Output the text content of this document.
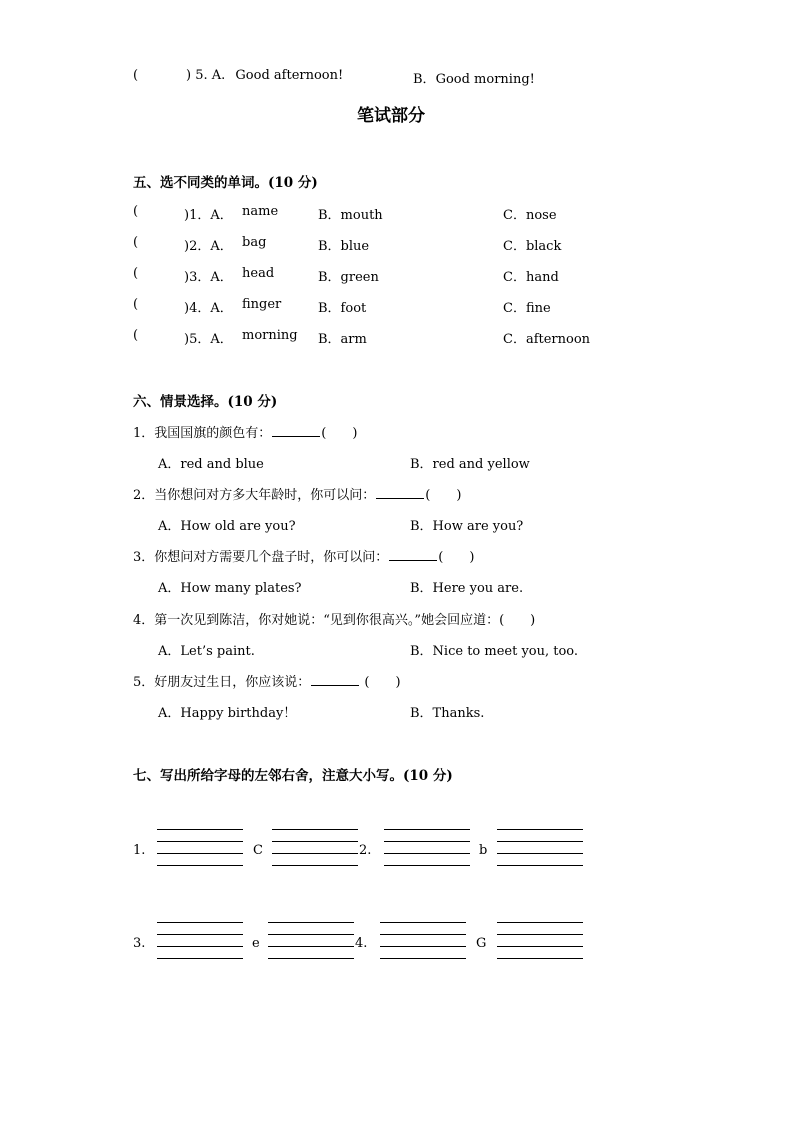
(	) 5. A. Good afternoon!	B．Good morning!
笔试部分
五、选不同类的单词。(10 分)
(	)1．A． name	B．mouth	C．nose
(	)2．A． bag	B．blue	C．black
(	)3．A． head	B．green	C．hand
(	)4．A． finger	B．foot	C．fine
(	)5．A． morning B．arm	C．afternoon
六、情景选择。(10 分)
1．我国国旗的颜色有：	(　　)
A．red and blue	B．red and yellow
2．当你想问对方多大年龄时，你可以问：	(　　)
A．How old are you?	B．How are you?
3．你想问对方需要几个盘子时，你可以问：	(　　)
A．How many plates?	B．Here you are.
4．第一次见到陈洁，你对她说：“见到你很高兴。”她会回应道：(　　)
A．Let’s paint.	B．Nice to meet you, too.
5．好朋友过生日，你应该说：	(　　)
A．Happy birthday！	B．Thanks.
七、写出所给字母的左邻右舍，注意大小写。(10 分)
1.	C	2.	b
3.	e	4.	G
